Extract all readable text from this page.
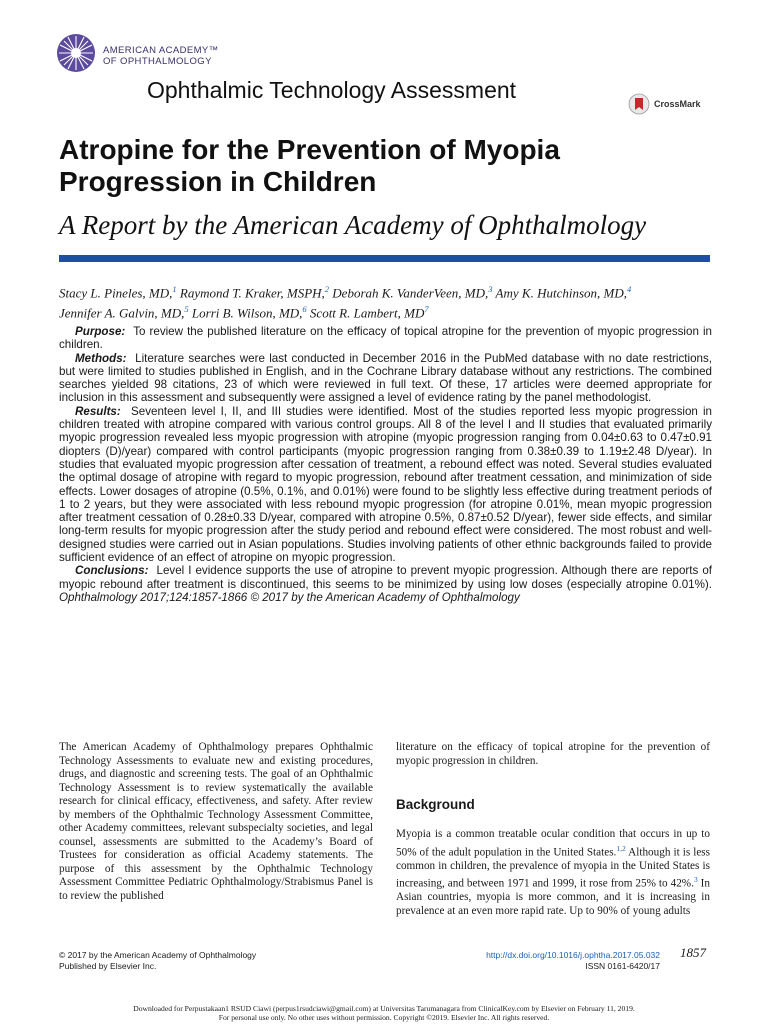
AMERICAN ACADEMY™
OF OPHTHALMOLOGY
Ophthalmic Technology Assessment
CrossMark
Atropine for the Prevention of Myopia Progression in Children
A Report by the American Academy of Ophthalmology
Stacy L. Pineles, MD,$^1$ Raymond T. Kraker, MSPH,$^2$ Deborah K. VanderVeen, MD,$^3$ Amy K. Hutchinson, MD,$^4$
Jennifer A. Galvin, MD,$^5$ Lorri B. Wilson, MD,$^6$ Scott R. Lambert, $MD^7$

Purpose: To review the published literature on the efficacy of topical atropine for the prevention of myopic progression in children.

Methods: Literature searches were last conducted in December 2016 in the PubMed database with no date restrictions, but were limited to studies published in English, and in the Cochrane Library database without any restrictions. The combined searches yielded 98 citations, 23 of which were reviewed in full text. Of these, 17 articles were deemed appropriate for inclusion in this assessment and subsequently were assigned a level of evidence rating by the panel methodologist.

Results: Seventeen level I, II, and III studies were identified. Most of the studies reported less myopic progression in children treated with atropine compared with various control groups. All 8 of the level I and II studies that evaluated primarily myopic progression revealed less myopic progression with atropine (myopic progression ranging from 0.04±0.63 to 0.47±0.91 diopters (D)/year) compared with control participants (myopic progression ranging from 0.38±0.39 to 1.19±2.48 D/year). In studies that evaluated myopic progression after cessation of treatment, a rebound effect was noted. Several studies evaluated the optimal dosage of atropine with regard to myopic progression, rebound after treatment cessation, and minimization of side effects. Lower dosages of atropine (0.5%, 0.1%, and 0.01%) were found to be slightly less effective during treatment periods of 1 to 2 years, but they were associated with less rebound myopic progression (for atropine 0.01%, mean myopic progression after treatment cessation of 0.28±0.33 D/year, compared with atropine 0.5%, 0.87±0.52 D/year), fewer side effects, and similar long-term results for myopic progression after the study period and rebound effect were considered. The most robust and well-designed studies were carried out in Asian populations. Studies involving patients of other ethnic backgrounds failed to provide sufficient evidence of an effect of atropine on myopic progression.

Conclusions: Level I evidence supports the use of atropine to prevent myopic progression. Although there are reports of myopic rebound after treatment is discontinued, this seems to be minimized by using low doses (especially atropine 0.01%). Ophthalmology 2017;124:1857-1866 © 2017 by the American Academy of Ophthalmology

The American Academy of Ophthalmology prepares Ophthalmic Technology Assessments to evaluate new and existing procedures, drugs, and diagnostic and screening tests. The goal of an Ophthalmic Technology Assessment is to review systematically the available research for clinical efficacy, effectiveness, and safety. After review by members of the Ophthalmic Technology Assessment Committee, other Academy committees, relevant subspecialty societies, and legal counsel, assessments are submitted to the Academy’s Board of Trustees for consideration as official Academy statements. The purpose of this assessment by the Ophthalmic Technology Assessment Committee Pediatric Ophthalmology/Strabismus Panel is to review the published
literature on the efficacy of topical atropine for the prevention of myopic progression in children.
Background
Myopia is a common treatable ocular condition that occurs in up to 50% of the adult population in the United States.$^{1,2}$ Although it is less common in children, the prevalence of myopia in the United States is increasing, and between 1971 and 1999, it rose from 25% to 42%.$^3$ In Asian countries, myopia is more common, and it is increasing in prevalence at an even more rapid rate. Up to 90% of young adults
© 2017 by the American Academy of Ophthalmology
Published by Elsevier Inc.
http://dx.doi.org/10.1016/j.ophtha.2017.05.032
ISSN 0161-6420/17
1857
Downloaded for Perpustakaan1 RSUD Ciawi (perpus1rsudciawi@gmail.com) at Universitas Tarumanagara from ClinicalKey.com by Elsevier on February 11, 2019.
For personal use only. No other uses without permission. Copyright ©2019. Elsevier Inc. All rights reserved.
